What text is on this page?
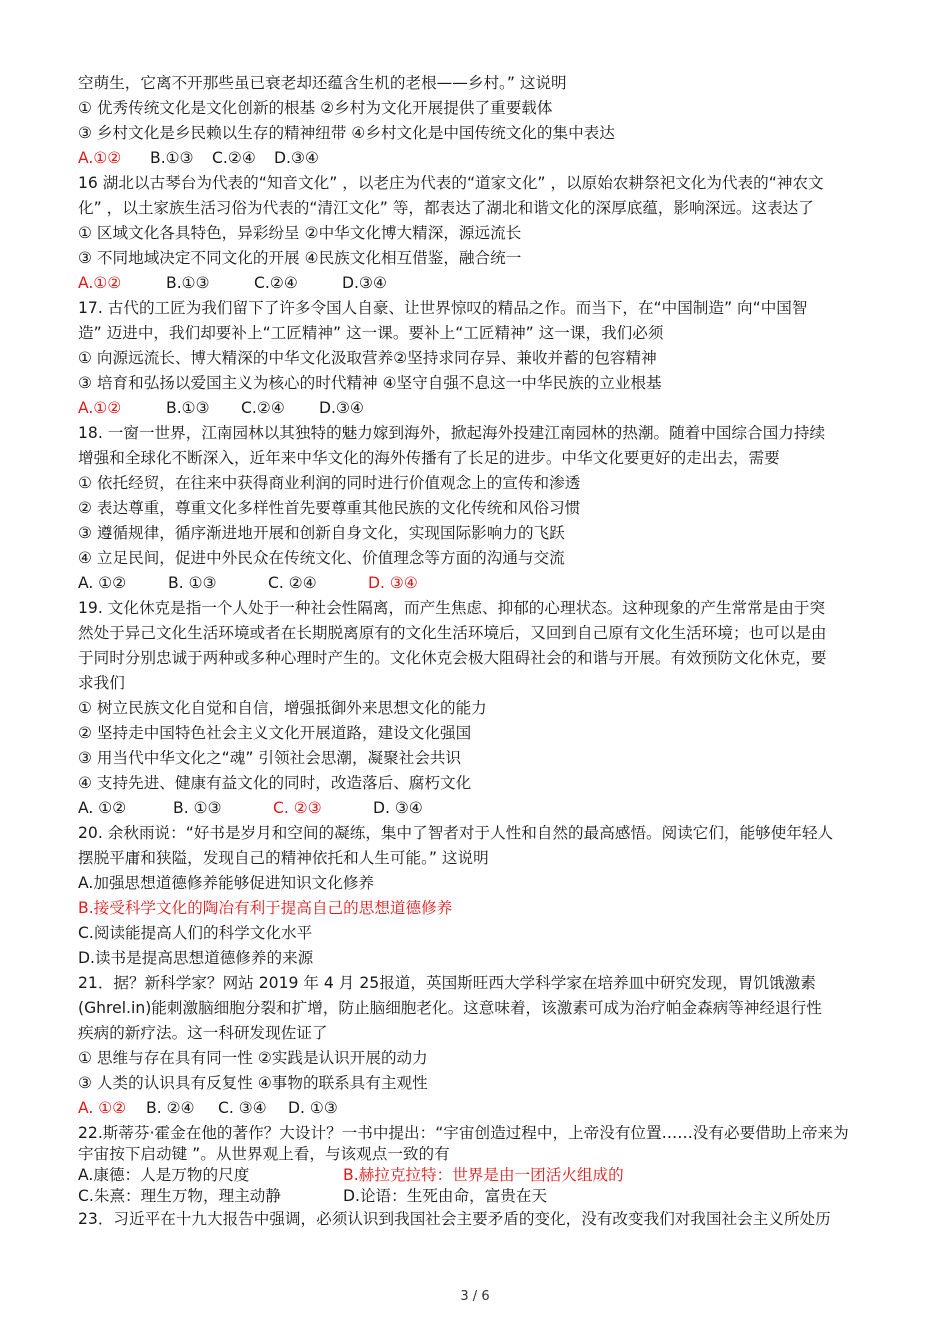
空萌生，它离不开那些虽已衰老却还蕴含生机的老根——乡村。” 这说明
① 优秀传统文化是文化创新的根基 ②乡村为文化开展提供了重要载体
③ 乡村文化是乡民赖以生存的精神纽带 ④乡村文化是中国传统文化的集中表达
A.①② B.①③ C.②④ D.③④
16 湖北以古琴台为代表的“知音文化” ，以老庄为代表的“道家文化” ，以原始农耕祭祀文化为代表的“神农文
化” ，以土家族生活习俗为代表的“清江文化” 等，都表达了湖北和谐文化的深厚底蕴，影响深远。这表达了
① 区域文化各具特色，异彩纷呈 ②中华文化博大精深，源远流长
③ 不同地域决定不同文化的开展 ④民族文化相互借鉴，融合统一
A.①②	B.①③	C.②④	D.③④
17. 古代的工匠为我们留下了许多令国人自豪、让世界惊叹的精品之作。而当下，在“中国制造” 向“中国智
造” 迈进中，我们却要补上“工匠精神” 这一课。要补上“工匠精神” 这一课，我们必须
① 向源远流长、博大精深的中华文化汲取营养②坚持求同存异、兼收并蓄的包容精神
③ 培育和弘扬以爱国主义为核心的时代精神 ④坚守自强不息这一中华民族的立业根基
A.①②	B.①③ C.②④ D.③④
18. 一窗一世界，江南园林以其独特的魅力嫁到海外，掀起海外投建江南园林的热潮。随着中国综合国力持续
增强和全球化不断深入，近年来中华文化的海外传播有了长足的进步。中华文化要更好的走出去，需要
① 依托经贸，在往来中获得商业利润的同时进行价值观念上的宣传和渗透
② 表达尊重，尊重文化多样性首先要尊重其他民族的文化传统和风俗习惯
③ 遵循规律，循序渐进地开展和创新自身文化，实现国际影响力的飞跃
④ 立足民间，促进中外民众在传统文化、价值理念等方面的沟通与交流
A. ①②	B. ①③	C. ②④	D. ③④
19. 文化休克是指一个人处于一种社会性隔离，而产生焦虑、抑郁的心理状态。这种现象的产生常常是由于突
然处于异己文化生活环境或者在长期脱离原有的文化生活环境后，又回到自己原有文化生活环境；也可以是由
于同时分别忠诚于两种或多种心理时产生的。文化休克会极大阻碍社会的和谐与开展。有效预防文化休克，要
求我们
① 树立民族文化自觉和自信，增强抵御外来思想文化的能力
② 坚持走中国特色社会主义文化开展道路，建设文化强国
③ 用当代中华文化之“魂” 引领社会思潮，凝聚社会共识
④ 支持先进、健康有益文化的同时，改造落后、腐朽文化
A. ①②	B. ①③	C. ②③	D. ③④
20. 余秋雨说：“好书是岁月和空间的凝练，集中了智者对于人性和自然的最高感悟。阅读它们，能够使年轻人
摆脱平庸和狭隘，发现自己的精神依托和人生可能。” 这说明
A.加强思想道德修养能够促进知识文化修养
B.接受科学文化的陶冶有利于提高自己的思想道德修养
C.阅读能提高人们的科学文化水平
D.读书是提高思想道德修养的来源
21．据？新科学家？网站 2019 年 4 月 25报道，英国斯旺西大学科学家在培养皿中研究发现，胃饥饿激素
(Ghrel.in)能刺激脑细胞分裂和扩增，防止脑细胞老化。这意味着，该激素可成为治疗帕金森病等神经退行性
疾病的新疗法。这一科研发现佐证了
① 思维与存在具有同一性 ②实践是认识开展的动力
③ 人类的认识具有反复性 ④事物的联系具有主观性
A. ①② B. ②④ C. ③④ D. ①③
22.斯蒂芬·霍金在他的著作？大设计？一书中提出：“宇宙创造过程中，上帝没有位置……没有必要借助上帝来为
宇宙按下启动键 ”。从世界观上看，与该观点一致的有
A.康德：人是万物的尺度	B.赫拉克拉特：世界是由一团活火组成的
C.朱熹：理生万物，理主动静	D.论语：生死由命，富贵在天
23．习近平在十九大报告中强调，必须认识到我国社会主要矛盾的变化，没有改变我们对我国社会主义所处历
3 / 6
